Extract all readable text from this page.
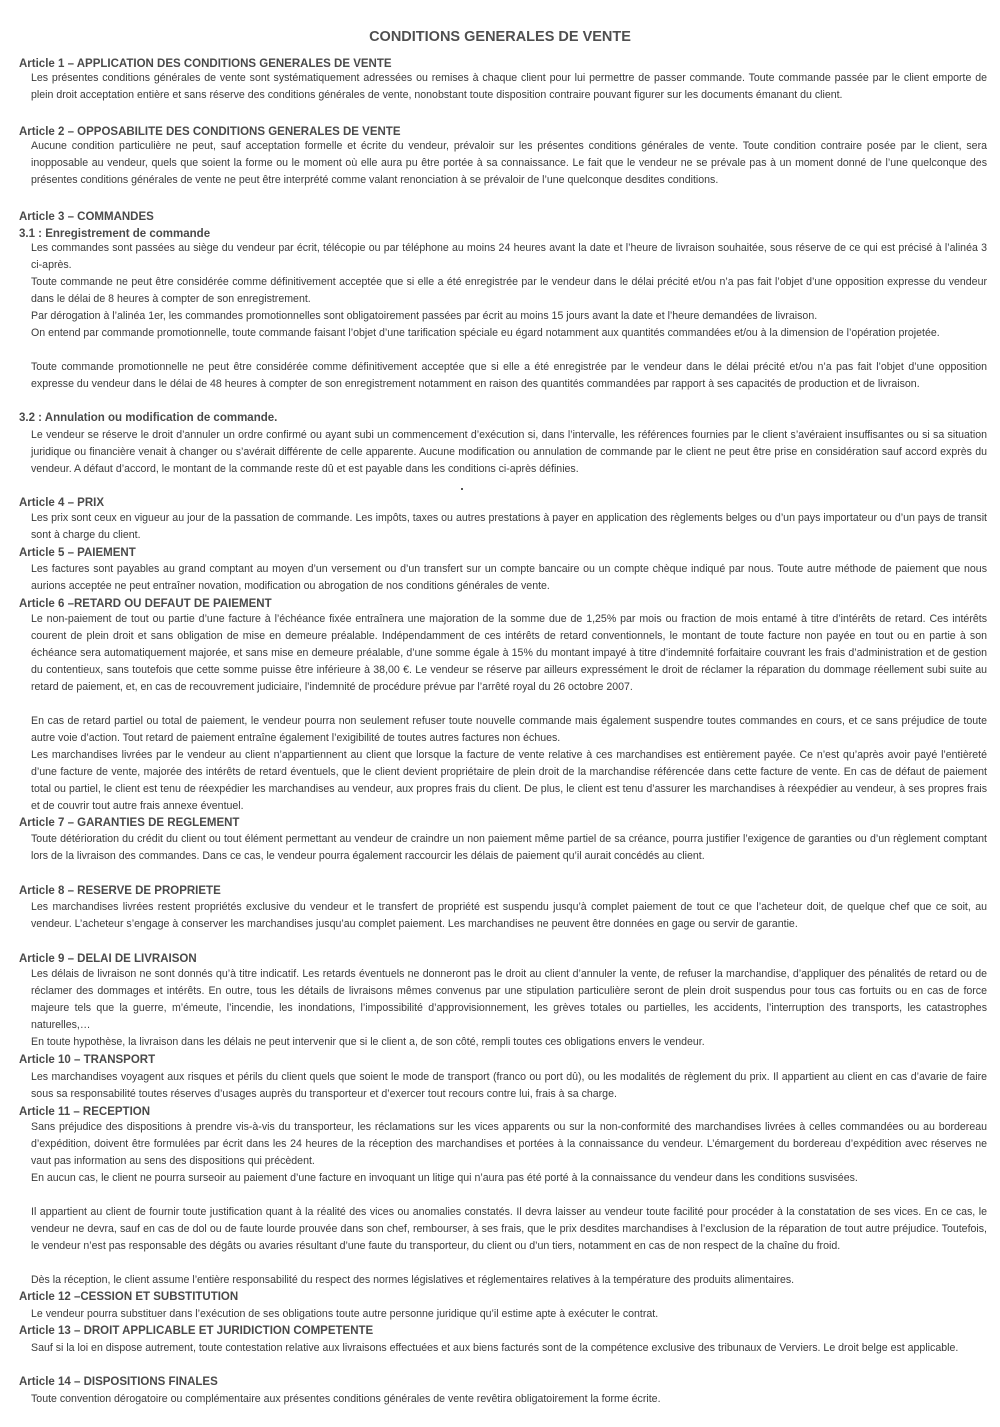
CONDITIONS GENERALES DE VENTE
Article 1 – APPLICATION DES CONDITIONS GENERALES DE VENTE
Les présentes conditions générales de vente sont systématiquement adressées ou remises à chaque client pour lui permettre de passer commande. Toute commande passée par le client emporte de plein droit acceptation entière et sans réserve des conditions générales de vente, nonobstant toute disposition contraire pouvant figurer sur les documents émanant du client.
Article 2 – OPPOSABILITE DES CONDITIONS GENERALES DE VENTE
Aucune condition particulière ne peut, sauf acceptation formelle et écrite du vendeur, prévaloir sur les présentes conditions générales de vente. Toute condition contraire posée par le client, sera inopposable au vendeur, quels que soient la forme ou le moment où elle aura pu être portée à sa connaissance. Le fait que le vendeur ne se prévale pas à un moment donné de l’une quelconque des présentes conditions générales de vente ne peut être interprété comme valant renonciation à se prévaloir de l’une quelconque desdites conditions.
Article 3 – COMMANDES
3.1 : Enregistrement de commande
Les commandes sont passées au siège du vendeur par écrit, télécopie ou par téléphone au moins 24 heures avant la date et l’heure de livraison souhaitée, sous réserve de ce qui est précisé à l’alinéa 3 ci-après.
Toute commande ne peut être considérée comme définitivement acceptée que si elle a été enregistrée par le vendeur dans le délai précité et/ou n’a pas fait l’objet d’une opposition expresse du vendeur dans le délai de 8 heures à compter de son enregistrement.
Par dérogation à l’alinéa 1er, les commandes promotionnelles sont obligatoirement passées par écrit au moins 15 jours avant la date et l’heure demandées de livraison.
On entend par commande promotionnelle, toute commande faisant l’objet d’une tarification spéciale eu égard notamment aux quantités commandées et/ou à la dimension de l’opération projetée.
Toute commande promotionnelle ne peut être considérée comme définitivement acceptée que si elle a été enregistrée par le vendeur dans le délai précité et/ou n’a pas fait l’objet d’une opposition expresse du vendeur dans le délai de 48 heures à compter de son enregistrement notamment en raison des quantités commandées par rapport à ses capacités de production et de livraison.
3.2 : Annulation ou modification de commande.
Le vendeur se réserve le droit d’annuler un ordre confirmé ou ayant subi un commencement d’exécution si, dans l’intervalle, les références fournies par le client s’avéraient insuffisantes ou si sa situation juridique ou financière venait à changer ou s’avérait différente de celle apparente. Aucune modification ou annulation de commande par le client ne peut être prise en considération sauf accord exprès du vendeur. A défaut d’accord, le montant de la commande reste dû et est payable dans les conditions ci-après définies.
Article 4 – PRIX
Les prix sont ceux en vigueur au jour de la passation de commande. Les impôts, taxes ou autres prestations à payer en application des règlements belges ou d’un pays importateur ou d’un pays de transit sont à charge du client.
Article 5 – PAIEMENT
Les factures sont payables au grand comptant au moyen d’un versement ou d’un transfert sur un compte bancaire ou un compte chèque indiqué par nous. Toute autre méthode de paiement que nous aurions acceptée ne peut entraîner novation, modification ou abrogation de nos conditions générales de vente.
Article 6 –RETARD OU DEFAUT DE PAIEMENT
Le non-paiement de tout ou partie d’une facture à l’échéance fixée entraînera une majoration de la somme due de 1,25% par mois ou fraction de mois entamé à titre d’intérêts de retard. Ces intérêts courent de plein droit et sans obligation de mise en demeure préalable. Indépendamment de ces intérêts de retard conventionnels, le montant de toute facture non payée en tout ou en partie à son échéance sera automatiquement majorée, et sans mise en demeure préalable, d’une somme égale à 15% du montant impayé à titre d’indemnité forfaitaire couvrant les frais d’administration et de gestion du contentieux, sans toutefois que cette somme puisse être inférieure à 38,00 €. Le vendeur se réserve par ailleurs expressément le droit de réclamer la réparation du dommage réellement subi suite au retard de paiement, et, en cas de recouvrement judiciaire, l’indemnité de procédure prévue par l’arrêté royal du 26 octobre 2007.
En cas de retard partiel ou total de paiement, le vendeur pourra non seulement refuser toute nouvelle commande mais également suspendre toutes commandes en cours, et ce sans préjudice de toute autre voie d’action. Tout retard de paiement entraîne également l’exigibilité de toutes autres factures non échues.
Les marchandises livrées par le vendeur au client n’appartiennent au client que lorsque la facture de vente relative à ces marchandises est entièrement payée. Ce n’est qu’après avoir payé l’entièreté d’une facture de vente, majorée des intérêts de retard éventuels, que le client devient propriétaire de plein droit de la marchandise référencée dans cette facture de vente. En cas de défaut de paiement total ou partiel, le client est tenu de réexpédier les marchandises au vendeur, aux propres frais du client. De plus, le client est tenu d’assurer les marchandises à réexpédier au vendeur, à ses propres frais et de couvrir tout autre frais annexe éventuel.
Article 7 – GARANTIES DE REGLEMENT
Toute détérioration du crédit du client ou tout élément permettant au vendeur de craindre un non paiement même partiel de sa créance, pourra justifier l’exigence de garanties ou d’un règlement comptant lors de la livraison des commandes. Dans ce cas, le vendeur pourra également raccourcir les délais de paiement qu’il aurait concédés au client.
Article 8 – RESERVE DE PROPRIETE
Les marchandises livrées restent propriétés exclusive du vendeur et le transfert de propriété est suspendu jusqu’à complet paiement de tout ce que l’acheteur doit, de quelque chef que ce soit, au vendeur. L’acheteur s’engage à conserver les marchandises jusqu’au complet paiement. Les marchandises ne peuvent être données en gage ou servir de garantie.
Article 9 – DELAI DE LIVRAISON
Les délais de livraison ne sont donnés qu’à titre indicatif. Les retards éventuels ne donneront pas le droit au client d’annuler la vente, de refuser la marchandise, d’appliquer des pénalités de retard ou de réclamer des dommages et intérêts. En outre, tous les détails de livraisons mêmes convenus par une stipulation particulière seront de plein droit suspendus pour tous cas fortuits ou en cas de force majeure tels que la guerre, m’émeute, l’incendie, les inondations, l’impossibilité d’approvisionnement, les grèves totales ou partielles, les accidents, l’interruption des transports, les catastrophes naturelles,…
En toute hypothèse, la livraison dans les délais ne peut intervenir que si le client a, de son côté, rempli toutes ces obligations envers le vendeur.
Article 10 – TRANSPORT
Les marchandises voyagent aux risques et périls du client quels que soient le mode de transport (franco ou port dû), ou les modalités de règlement du prix. Il appartient au client en cas d’avarie de faire sous sa responsabilité toutes réserves d’usages auprès du transporteur et d’exercer tout recours contre lui, frais à sa charge.
Article 11 – RECEPTION
Sans préjudice des dispositions à prendre vis-à-vis du transporteur, les réclamations sur les vices apparents ou sur la non-conformité des marchandises livrées à celles commandées ou au bordereau d’expédition, doivent être formulées par écrit dans les 24 heures de la réception des marchandises et portées à la connaissance du vendeur. L’émargement du bordereau d’expédition avec réserves ne vaut pas information au sens des dispositions qui précèdent.
En aucun cas, le client ne pourra surseoir au paiement d’une facture en invoquant un litige qui n’aura pas été porté à la connaissance du vendeur dans les conditions susvisées.
Il appartient au client de fournir toute justification quant à la réalité des vices ou anomalies constatés. Il devra laisser au vendeur toute facilité pour procéder à la constatation de ses vices. En ce cas, le vendeur ne devra, sauf en cas de dol ou de faute lourde prouvée dans son chef, rembourser, à ses frais, que le prix desdites marchandises à l’exclusion de la réparation de tout autre préjudice. Toutefois, le vendeur n’est pas responsable des dégâts ou avaries résultant d’une faute du transporteur, du client ou d’un tiers, notamment en cas de non respect de la chaîne du froid.
Dès la réception, le client assume l’entière responsabilité du respect des normes législatives et réglementaires relatives à la température des produits alimentaires.
Article 12 –CESSION ET SUBSTITUTION
Le vendeur pourra substituer dans l’exécution de ses obligations toute autre personne juridique qu’il estime apte à exécuter le contrat.
Article 13 – DROIT APPLICABLE ET JURIDICTION COMPETENTE
Sauf si la loi en dispose autrement, toute contestation relative aux livraisons effectuées et aux biens facturés sont de la compétence exclusive des tribunaux de Verviers. Le droit belge est applicable.
Article 14 – DISPOSITIONS FINALES
Toute convention dérogatoire ou complémentaire aux présentes conditions générales de vente revêtira obligatoirement la forme écrite.
